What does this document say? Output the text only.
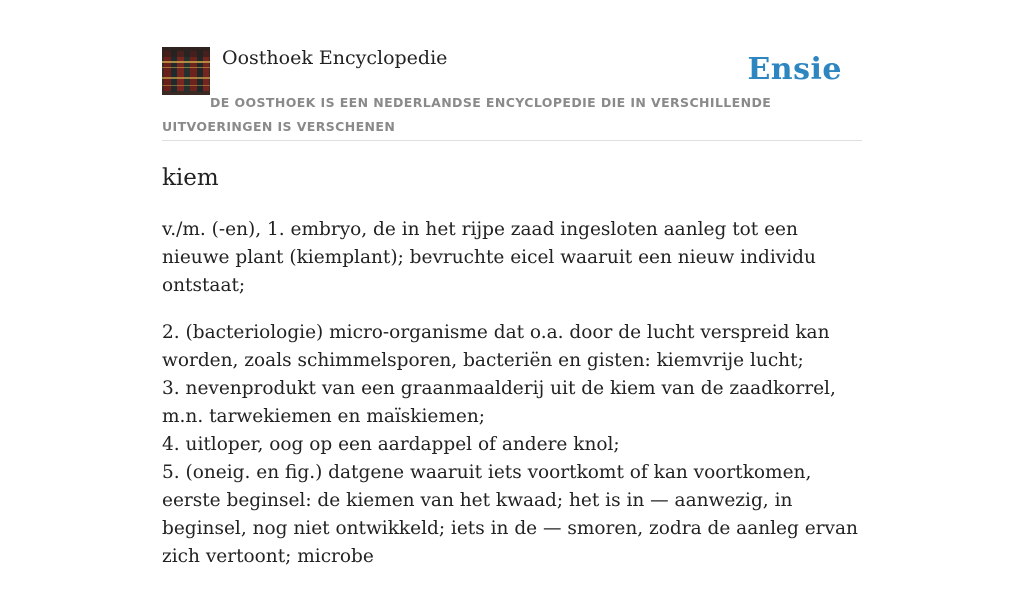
Oosthoek Encyclopedie	Ensie
DE OOSTHOEK IS EEN NEDERLANDSE ENCYCLOPEDIE DIE IN VERSCHILLENDE UITVOERINGEN IS VERSCHENEN
kiem

v./m. (-en), 1. embryo, de in het rijpe zaad ingesloten aanleg tot een nieuwe plant (kiemplant); bevruchte eicel waaruit een nieuw individu ontstaat;

2. (bacteriologie) micro-organisme dat o.a. door de lucht verspreid kan worden, zoals schimmelsporen, bacteriën en gisten: kiemvrije lucht;
3. nevenprodukt van een graanmaalderij uit de kiem van de zaadkorrel, m.n. tarwekiemen en maïskiemen;
4. uitloper, oog op een aardappel of andere knol;
5. (oneig. en fig.) datgene waaruit iets voortkomt of kan voortkomen, eerste beginsel: de kiemen van het kwaad; het is in — aanwezig, in beginsel, nog niet ontwikkeld; iets in de — smoren, zodra de aanleg ervan zich vertoont; microbe
